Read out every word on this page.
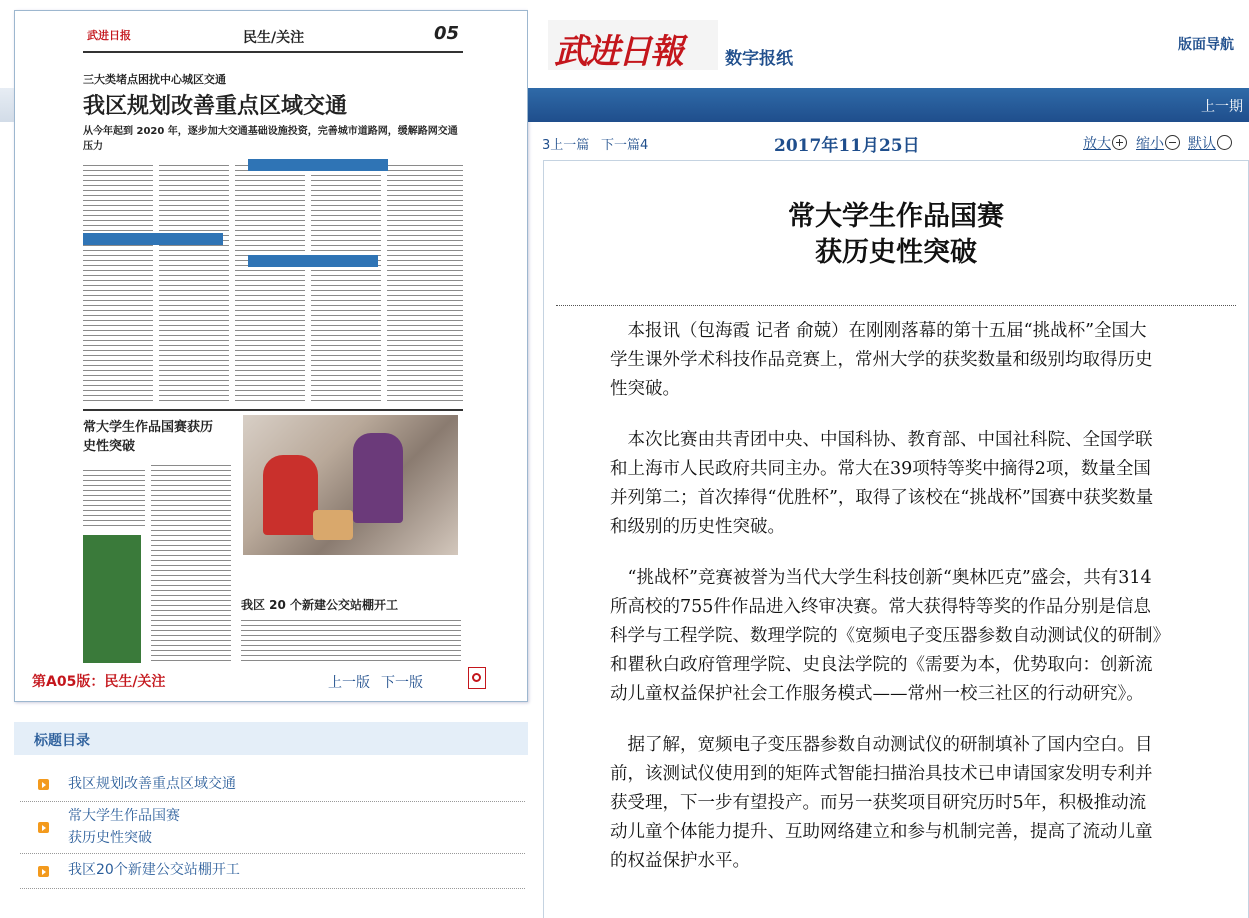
武进日报	民生/关注	05
三大类堵点困扰中心城区交通
我区规划改善重点区域交通
从今年起到 2020 年，逐步加大交通基础设施投资，完善城市道路网，缓解路网交通压力
常大学生作品国赛获历史性突破
我区 20 个新建公交站棚开工
第A05版：民生/关注	上一版 下一版
标题目录
我区规划改善重点区域交通
常大学生作品国赛
获历史性突破
我区20个新建公交站棚开工
武进日報	数字报纸
版面导航
上一期
3上一篇 下一篇4	2017年11月25日	放大	缩小	默认
常大学生作品国赛
获历史性突破

本报讯（包海霞 记者 俞兢）在刚刚落幕的第十五届“挑战杯”全国大学生课外学术科技作品竞赛上，常州大学的获奖数量和级别均取得历史性突破。

本次比赛由共青团中央、中国科协、教育部、中国社科院、全国学联和上海市人民政府共同主办。常大在39项特等奖中摘得2项，数量全国并列第二；首次捧得“优胜杯”，取得了该校在“挑战杯”国赛中获奖数量和级别的历史性突破。

“挑战杯”竞赛被誉为当代大学生科技创新“奥林匹克”盛会，共有314所高校的755件作品进入终审决赛。常大获得特等奖的作品分别是信息科学与工程学院、数理学院的《宽频电子变压器参数自动测试仪的研制》和瞿秋白政府管理学院、史良法学院的《需要为本，优势取向：创新流动儿童权益保护社会工作服务模式——常州一校三社区的行动研究》。

据了解，宽频电子变压器参数自动测试仪的研制填补了国内空白。目前，该测试仪使用到的矩阵式智能扫描治具技术已申请国家发明专利并获受理，下一步有望投产。而另一获奖项目研究历时5年，积极推动流动儿童个体能力提升、互助网络建立和参与机制完善，提高了流动儿童的权益保护水平。
